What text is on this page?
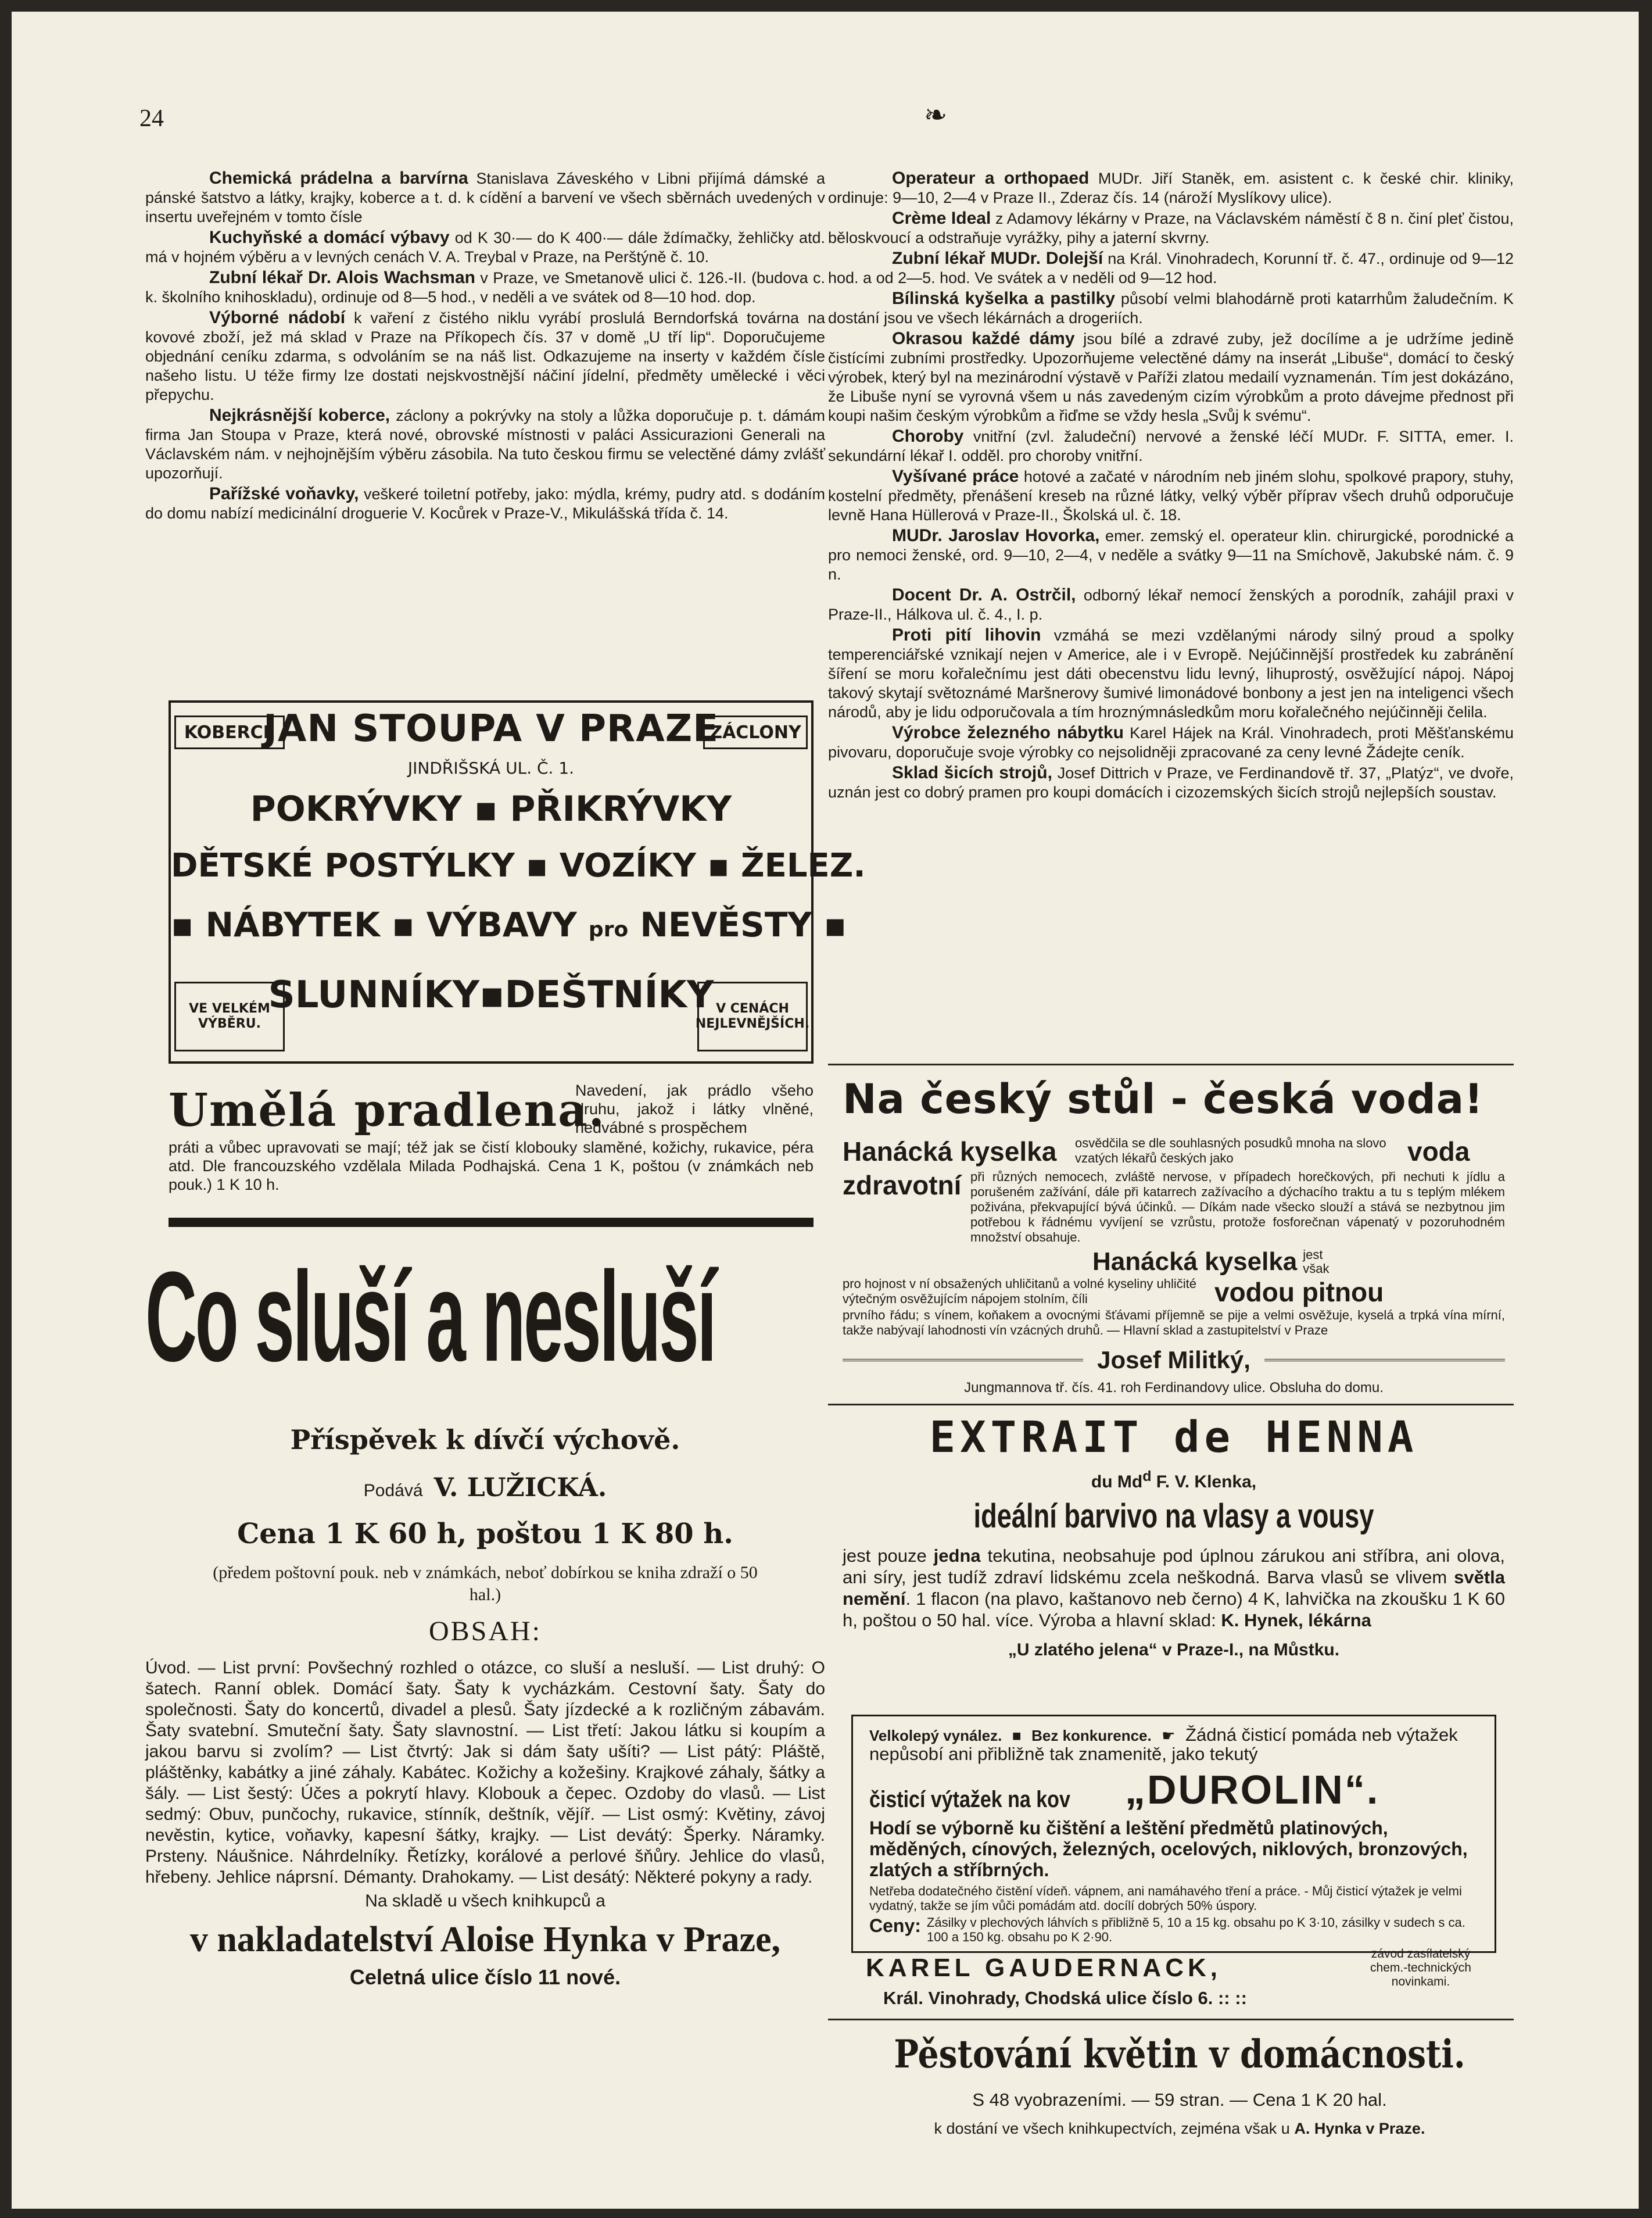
24	❧

Chemická prádelna a barvírna Stanislava Záveského v Libni přijímá dámské a pánské šatstvo a látky, krajky, koberce a t. d. k cídění a barvení ve všech sběrnách uvedených v insertu uveřejném v tomto čísle

Kuchyňské a domácí výbavy od K 30·— do K 400·— dále ždímačky, žehličky atd. má v hojném výběru a v levných cenách V. A. Treybal v Praze, na Perštýně č. 10.

Zubní lékař Dr. Alois Wachsman v Praze, ve Smetanově ulici č. 126.-II. (budova c. k. školního knihoskladu), ordinuje od 8—5 hod., v neděli a ve svátek od 8—10 hod. dop.

Výborné nádobí k vaření z čistého niklu vyrábí proslulá Berndorfská továrna na kovové zboží, jež má sklad v Praze na Příkopech čís. 37 v domě „U tří lip“. Doporučujeme objednání ceníku zdarma, s odvoláním se na náš list. Odkazujeme na inserty v každém čísle našeho listu. U téže firmy lze dostati nejskvostnější náčiní jídelní, předměty umělecké i věci přepychu.

Nejkrásnější koberce, záclony a pokrývky na stoly a lůžka doporučuje p. t. dámám firma Jan Stoupa v Praze, která nové, obrovské místnosti v paláci Assicurazioni Generali na Václavském nám. v nejhojnějším výběru zásobila. Na tuto českou firmu se velectěné dámy zvlášť upozorňují.

Pařížské voňavky, veškeré toiletní potřeby, jako: mýdla, krémy, pudry atd. s dodáním do domu nabízí medicinální droguerie V. Kocůrek v Praze-V., Mikulášská třída č. 14.

KOBERCE
JAN STOUPA V PRAZE
ZÁCLONY
JINDŘIŠSKÁ UL. Č. 1.
POKRÝVKY ▪ PŘIKRÝVKY
DĚTSKÉ POSTÝLKY ▪ VOZÍKY ▪ ŽELEZ.
▪ NÁBYTEK ▪ VÝBAVY pro NEVĚSTY ▪
VE VELKÉM VÝBĚRU.
SLUNNÍKY▪DEŠTNÍKY V CENÁCH NEJLEVNĚJŠÍCH.
Umělá pradlena.
Navedení, jak prádlo všeho druhu, jakož i látky vlněné, hedvábné s prospěchem
práti a vůbec upravovati se mají; též jak se čistí klobouky slaměné, kožichy, rukavice, péra atd. Dle francouzského vzdělala Milada Podhajská. Cena 1 K, poštou (v známkách neb pouk.) 1 K 10 h.
Co sluší a nesluší
Příspěvek k dívčí výchově.
Podává V. LUŽICKÁ.
Cena 1 K 60 h, poštou 1 K 80 h.
(předem poštovní pouk. neb v známkách, neboť dobírkou se kniha zdraží o 50 hal.)
OBSAH:
Úvod. — List první: Povšechný rozhled o otázce, co sluší a nesluší. — List druhý: O šatech. Ranní oblek. Domácí šaty. Šaty k vycházkám. Cestovní šaty. Šaty do společnosti. Šaty do koncertů, divadel a plesů. Šaty jízdecké a k rozličným zábavám. Šaty svatební. Smuteční šaty. Šaty slavnostní. — List třetí: Jakou látku si koupím a jakou barvu si zvolím? — List čtvrtý: Jak si dám šaty ušíti? — List pátý: Pláště, pláštěnky, kabátky a jiné záhaly. Kabátec. Kožichy a kožešiny. Krajkové záhaly, šátky a šály. — List šestý: Účes a pokrytí hlavy. Klobouk a čepec. Ozdoby do vlasů. — List sedmý: Obuv, punčochy, rukavice, stínník, deštník, vějíř. — List osmý: Květiny, závoj nevěstin, kytice, voňavky, kapesní šátky, krajky. — List devátý: Šperky. Náramky. Prsteny. Náušnice. Náhrdelníky. Řetízky, korálové a perlové šňůry. Jehlice do vlasů, hřebeny. Jehlice náprsní. Démanty. Drahokamy. — List desátý: Některé pokyny a rady.
Na skladě u všech knihkupců a
v nakladatelství Aloise Hynka v Praze,
Celetná ulice číslo 11 nové.

Operateur a orthopaed MUDr. Jiří Staněk, em. asistent c. k české chir. kliniky, ordinuje: 9—10, 2—4 v Praze II., Zderaz čís. 14 (nároží Myslíkovy ulice).

Crème Ideal z Adamovy lékárny v Praze, na Václavském náměstí č 8 n. činí pleť čistou, běloskvoucí a odstraňuje vyrážky, pihy a jaterní skvrny.

Zubní lékař MUDr. Dolejší na Král. Vinohradech, Korunní tř. č. 47., ordinuje od 9—12 hod. a od 2—5. hod. Ve svátek a v neděli od 9—12 hod.

Bílinská kyšelka a pastilky působí velmi blahodárně proti katarrhům žaludečním. K dostání jsou ve všech lékárnách a drogeriích.

Okrasou každé dámy jsou bílé a zdravé zuby, jež docílíme a je udržíme jedině čistícími zubními prostředky. Upozorňujeme velectěné dámy na inserát „Libuše“, domácí to český výrobek, který byl na mezinárodní výstavě v Paříži zlatou medailí vyznamenán. Tím jest dokázáno, že Libuše nyní se vyrovná všem u nás zavedeným cizím výrobkům a proto dávejme přednost při koupi našim českým výrobkům a řiďme se vždy hesla „Svůj k svému“.

Choroby vnitřní (zvl. žaludeční) nervové a ženské léčí MUDr. F. SITTA, emer. I. sekundární lékař I. odděl. pro choroby vnitřní.

Vyšívané práce hotové a začaté v národním neb jiném slohu, spolkové prapory, stuhy, kostelní předměty, přenášení kreseb na různé látky, velký výběr příprav všech druhů odporučuje levně Hana Hüllerová v Praze-II., Školská ul. č. 18.

MUDr. Jaroslav Hovorka, emer. zemský el. operateur klin. chirurgické, porodnické a pro nemoci ženské, ord. 9—10, 2—4, v neděle a svátky 9—11 na Smíchově, Jakubské nám. č. 9 n.

Docent Dr. A. Ostrčil, odborný lékař nemocí ženských a porodník, zahájil praxi v Praze-II., Hálkova ul. č. 4., I. p.

Proti pití lihovin vzmáhá se mezi vzdělanými národy silný proud a spolky temperenciářské vznikají nejen v Americe, ale i v Evropě. Nejúčinnější prostředek ku zabránění šíření se moru kořalečnímu jest dáti obecenstvu lidu levný, lihuprostý, osvěžující nápoj. Nápoj takový skytají světoznámé Maršnerovy šumivé limonádové bonbony a jest jen na inteligenci všech národů, aby je lidu odporučovala a tím hroznýmnásledkům moru kořalečného nejúčinněji čelila.

Výrobce železného nábytku Karel Hájek na Král. Vinohradech, proti Měšťanskému pivovaru, doporučuje svoje výrobky co nejsolidněji zpracované za ceny levné Žádejte ceník.

Sklad šicích strojů, Josef Dittrich v Praze, ve Ferdinandově tř. 37, „Platýz“, ve dvoře, uznán jest co dobrý pramen pro koupi domácích i cizozemských šicích strojů nejlepších soustav.

Na český stůl - česká voda!
Hanácká kyselka	osvědčila se dle souhlasných posudků mnoha na slovo vzatých lékařů českých jako	voda
zdravotní při různých nemocech, zvláště nervose, v případech horečkových, při nechuti k jídlu a porušeném zažívání, dále při katarrech zažívacího a dýchacího traktu a tu s teplým mlékem poživána, překvapující bývá účinků. — Díkám nade všecko slouží a stává se nezbytnou jim potřebou k řádnému vyvíjení se vzrůstu, protože fosforečnan vápenatý v pozoruhodném množství obsahuje.
Hanácká kyselka jest však
pro hojnost v ní obsažených uhličitanů a volné kyseliny uhličité výtečným osvěžujícím nápojem stolním, číli	vodou pitnou
prvního řádu; s vínem, koňakem a ovocnými šťávami příjemně se pije a velmi osvěžuje, kyselá a trpká vína mírní, takže nabývají lahodnosti vín vzácných druhů. — Hlavní sklad a zastupitelství v Praze
Josef Militký,
Jungmannova tř. čís. 41. roh Ferdinandovy ulice. Obsluha do domu.
EXTRAIT de HENNA
du Md$^d$ F. V. Klenka,
ideální barvivo na vlasy a vousy
jest pouze jedna tekutina, neobsahuje pod úplnou zárukou ani stříbra, ani olova, ani síry, jest tudíž zdraví lidskému zcela neškodná. Barva vlasů se vlivem světla nemění. 1 flacon (na plavo, kaštanovo neb černo) 4 K, lahvička na zkoušku 1 K 60 h, poštou o 50 hal. více. Výroba a hlavní sklad: K. Hynek, lékárna
„U zlatého jelena“ v Praze-I., na Můstku.
Velkolepý vynález. ■ Bez konkurence. ☛ Žádná čisticí pomáda neb výtažek nepůsobí ani přibližně tak znamenitě, jako tekutý
čisticí výtažek na kov	„DUROLIN“.
Hodí se výborně ku čištění a leštění předmětů platinových, měděných, cínových, železných, ocelových, niklových, bronzových, zlatých a stříbrných.
Netřeba dodatečného čistění vídeň. vápnem, ani namáhavého tření a práce. - Můj čisticí výtažek je velmi vydatný, takže se jím vůči pomádám atd. docílí dobrých 50% úspory.
Ceny: Zásilky v plechových láhvích s přibližně 5, 10 a 15 kg. obsahu po K 3·10, zásilky v sudech s ca. 100 a 150 kg. obsahu po K 2·90.
KAREL GAUDERNACK,	závod zasílatelský chem.-technických novinkami.
Král. Vinohrady, Chodská ulice číslo 6. :: ::
Pěstování květin v domácnosti.
S 48 vyobrazeními. — 59 stran. — Cena 1 K 20 hal.
k dostání ve všech knihkupectvích, zejména však u A. Hynka v Praze.
